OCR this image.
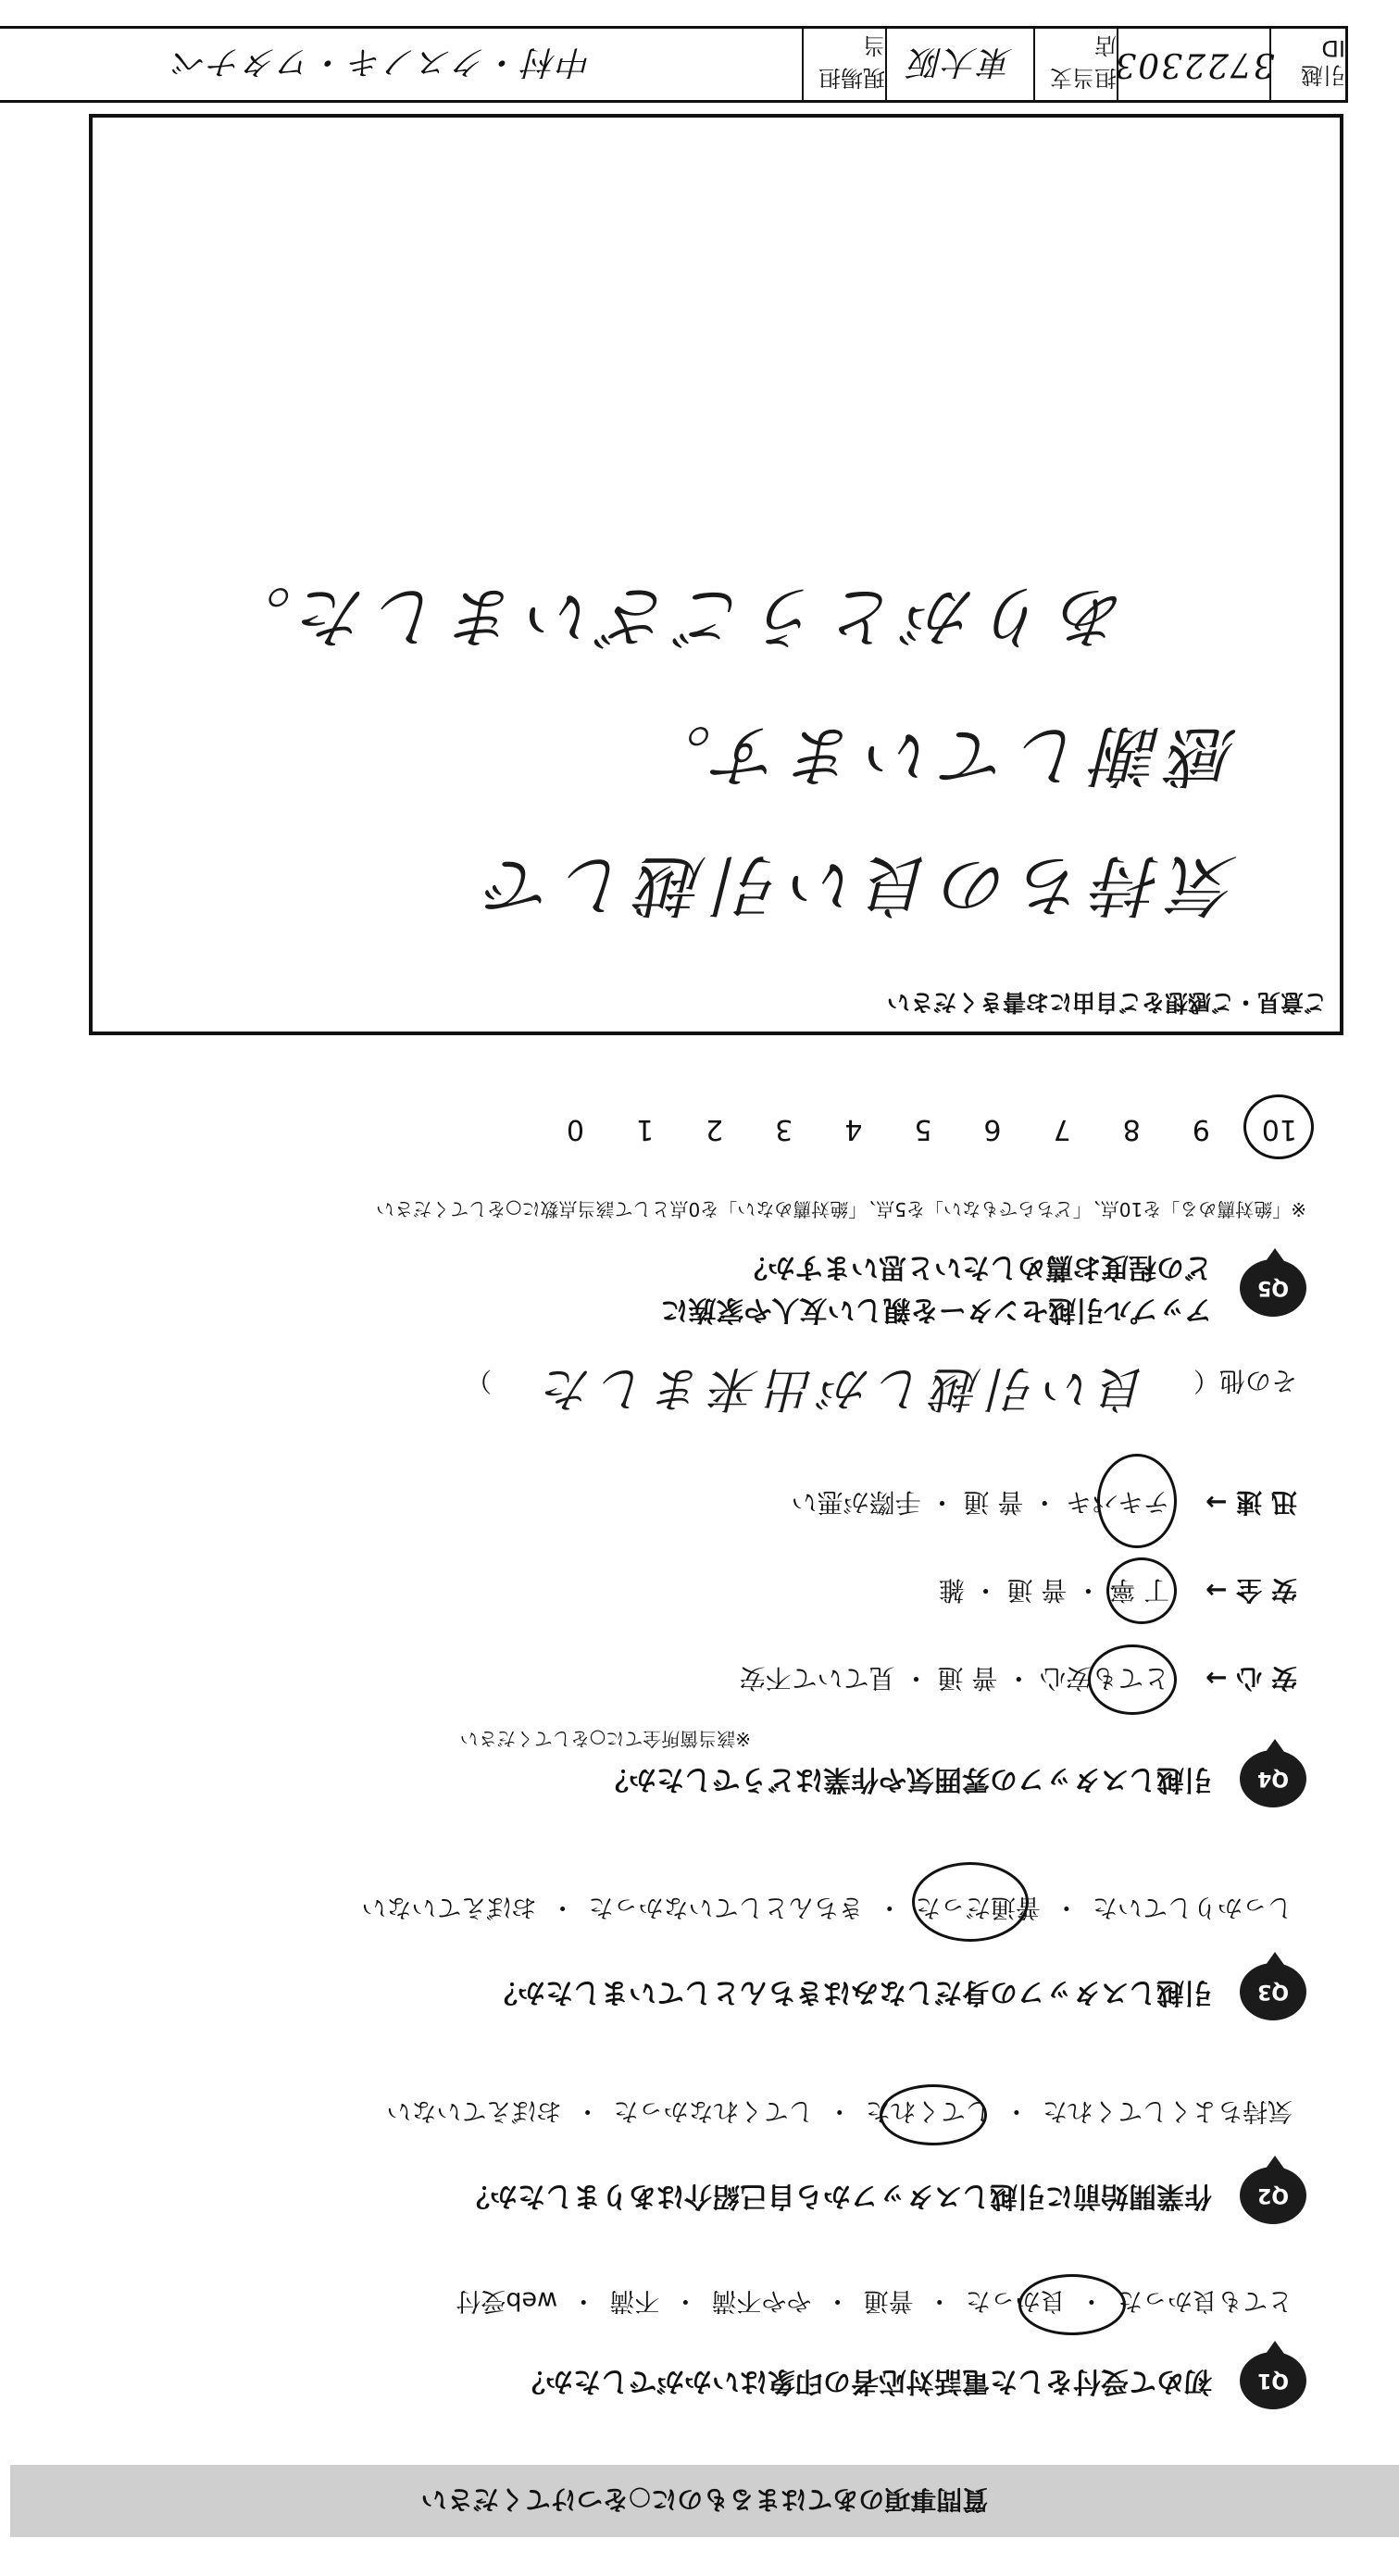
引越 ID
3722303
担当支店
東大阪
現場担当
中村・クスノキ・ワタナベ
ご意見・ご感想をご自由にお書きください
気持ちの良い引越しで
感謝しています。
ありがとうございました。
Q5
アップル引越センターを親しい友人や家族に
どの程度お薦めしたいと思いますか？
※「絶対薦める」を10点、「どちらでもない」を5点、「絶対薦めない」を0点として該当点数に○をしてください
10
9
8
7
6
5
4
3
2
1
0
Q4
引越しスタッフの雰囲気や作業はどうでしたか？
※該当箇所全てに○をしてください
安 心 → とても安心 ・ 普 通 ・ 見ていて不安
安 全 → 丁 寧 ・ 普 通 ・ 雑
迅 速 → テキパキ ・ 普 通 ・ 手際が悪い
その他（ 良い引越しが出来ました ）
Q3
引越しスタッフの身だしなみはきちんとしていましたか？
しっかりしていた ・ 普通だった ・ きちんとしていなかった ・ おぼえていない
Q2
作業開始前に引越しスタッフから自己紹介はありましたか？
気持ちよくしてくれた ・ してくれた ・ してくれなかった ・ おぼえていない
Q1
初めて受付をした電話対応者の印象はいかがでしたか？
とても良かった ・ 良かった ・ 普通 ・ やや不満 ・ 不満 ・ web受付
質問事項のあてはまるものに○をつけてください
